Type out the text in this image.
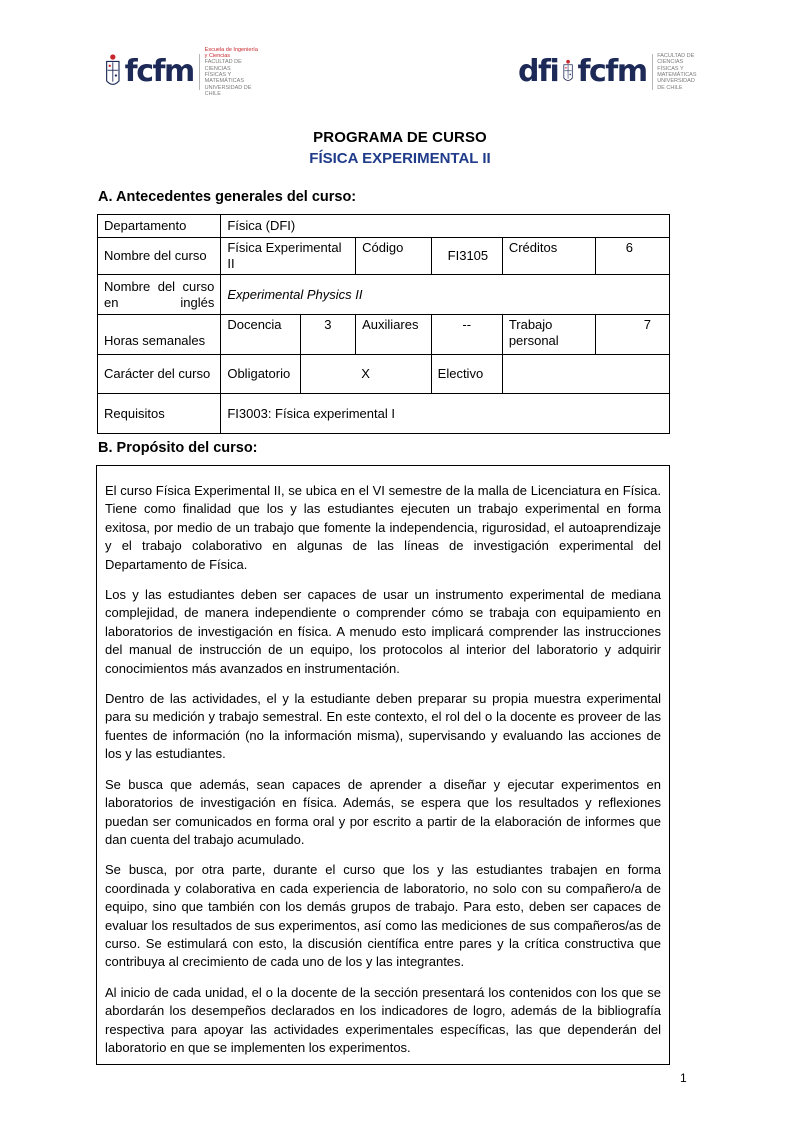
fcfm
Escuela de Ingeniería
y Ciencias
FACULTAD DE CIENCIAS
FÍSICAS Y MATEMÁTICAS
UNIVERSIDAD DE CHILE
dfi fcfm FACULTAD DE CIENCIAS
FÍSICAS Y MATEMÁTICAS
UNIVERSIDAD DE CHILE
PROGRAMA DE CURSO
FÍSICA EXPERIMENTAL II
A. Antecedentes generales del curso:
Departamento	Física (DFI)					
Nombre del curso	Física Experimental II		Código	FI3105	Créditos	6
Nombre del curso en inglés	Experimental Physics II					
Horas semanales	Docencia	3	Auxiliares	--	Trabajo personal	7
Carácter del curso	Obligatorio	X		Electivo		
Requisitos	FI3003: Física experimental I					
B. Propósito del curso:

El curso Física Experimental II, se ubica en el VI semestre de la malla de Licenciatura en Física. Tiene como finalidad que los y las estudiantes ejecuten un trabajo experimental en forma exitosa, por medio de un trabajo que fomente la independencia, rigurosidad, el autoaprendizaje y el trabajo colaborativo en algunas de las líneas de investigación experimental del Departamento de Física.

Los y las estudiantes deben ser capaces de usar un instrumento experimental de mediana complejidad, de manera independiente o comprender cómo se trabaja con equipamiento en laboratorios de investigación en física. A menudo esto implicará comprender las instrucciones del manual de instrucción de un equipo, los protocolos al interior del laboratorio y adquirir conocimientos más avanzados en instrumentación.

Dentro de las actividades, el y la estudiante deben preparar su propia muestra experimental para su medición y trabajo semestral. En este contexto, el rol del o la docente es proveer de las fuentes de información (no la información misma), supervisando y evaluando las acciones de los y las estudiantes.

Se busca que además, sean capaces de aprender a diseñar y ejecutar experimentos en laboratorios de investigación en física. Además, se espera que los resultados y reflexiones puedan ser comunicados en forma oral y por escrito a partir de la elaboración de informes que dan cuenta del trabajo acumulado.

Se busca, por otra parte, durante el curso que los y las estudiantes trabajen en forma coordinada y colaborativa en cada experiencia de laboratorio, no solo con su compañero/a de equipo, sino que también con los demás grupos de trabajo. Para esto, deben ser capaces de evaluar los resultados de sus experimentos, así como las mediciones de sus compañeros/as de curso. Se estimulará con esto, la discusión científica entre pares y la crítica constructiva que contribuya al crecimiento de cada uno de los y las integrantes.

Al inicio de cada unidad, el o la docente de la sección presentará los contenidos con los que se abordarán los desempeños declarados en los indicadores de logro, además de la bibliografía respectiva para apoyar las actividades experimentales específicas, las que dependerán del laboratorio en que se implementen los experimentos.

1
